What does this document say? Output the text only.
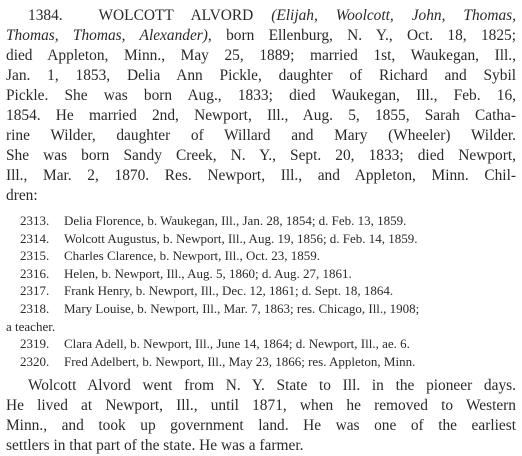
1384. WOLCOTT ALVORD (Elijah, Woolcott, John, Thomas,
Thomas, Thomas, Alexander), born Ellenburg, N. Y., Oct. 18, 1825;
died Appleton, Minn., May 25, 1889; married 1st, Waukegan, Ill.,
Jan. 1, 1853, Delia Ann Pickle, daughter of Richard and Sybil
Pickle. She was born Aug., 1833; died Waukegan, Ill., Feb. 16,
1854. He married 2nd, Newport, Ill., Aug. 5, 1855, Sarah Catha-
rine Wilder, daughter of Willard and Mary (Wheeler) Wilder.
She was born Sandy Creek, N. Y., Sept. 20, 1833; died Newport,
Ill., Mar. 2, 1870. Res. Newport, Ill., and Appleton, Minn. Chil-
dren:

2313.	Delia Florence, b. Waukegan, Ill., Jan. 28, 1854; d. Feb. 13, 1859.
2314.	Wolcott Augustus, b. Newport, Ill., Aug. 19, 1856; d. Feb. 14, 1859.
2315.	Charles Clarence, b. Newport, Ill., Oct. 23, 1859.
2316.	Helen, b. Newport, Ill., Aug. 5, 1860; d. Aug. 27, 1861.
2317.	Frank Henry, b. Newport, Ill., Dec. 12, 1861; d. Sept. 18, 1864.
2318.	Mary Louise, b. Newport, Ill., Mar. 7, 1863; res. Chicago, Ill., 1908;
a teacher.
2319.	Clara Adell, b. Newport, Ill., June 14, 1864; d. Newport, Ill., ae. 6.
2320.	Fred Adelbert, b. Newport, Ill., May 23, 1866; res. Appleton, Minn.

Wolcott Alvord went from N. Y. State to Ill. in the pioneer days.
He lived at Newport, Ill., until 1871, when he removed to Western
Minn., and took up government land. He was one of the earliest
settlers in that part of the state. He was a farmer.
